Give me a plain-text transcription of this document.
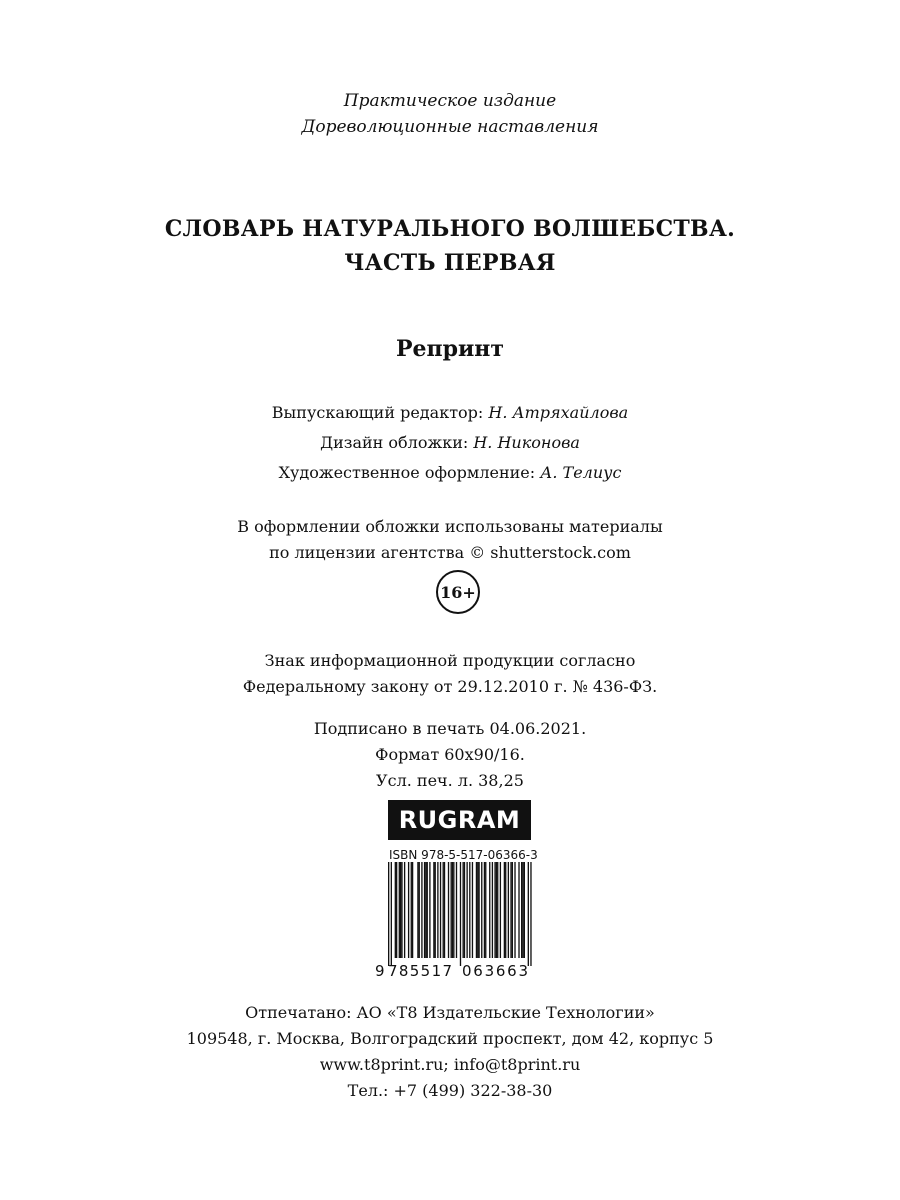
Практическое издание
Дореволюционные наставления
СЛОВАРЬ НАТУРАЛЬНОГО ВОЛШЕБСТВА.
ЧАСТЬ ПЕРВАЯ
Репринт
Выпускающий редактор: Н. Атряхайлова
Дизайн обложки: Н. Никонова
Художественное оформление: А. Телиус
В оформлении обложки использованы материалы
по лицензии агентства © shutterstock.com
16+
Знак информационной продукции согласно
Федеральному закону от 29.12.2010 г. № 436-ФЗ.
Подписано в печать 04.06.2021.
Формат 60х90/16.
Усл. печ. л. 38,25
RUGRAM
ISBN 978-5-517-06366-3
9 785517 063663
Отпечатано: АО «Т8 Издательские Технологии»
109548, г. Москва, Волгоградский проспект, дом 42, корпус 5
www.t8print.ru; info@t8print.ru
Тел.: +7 (499) 322-38-30
